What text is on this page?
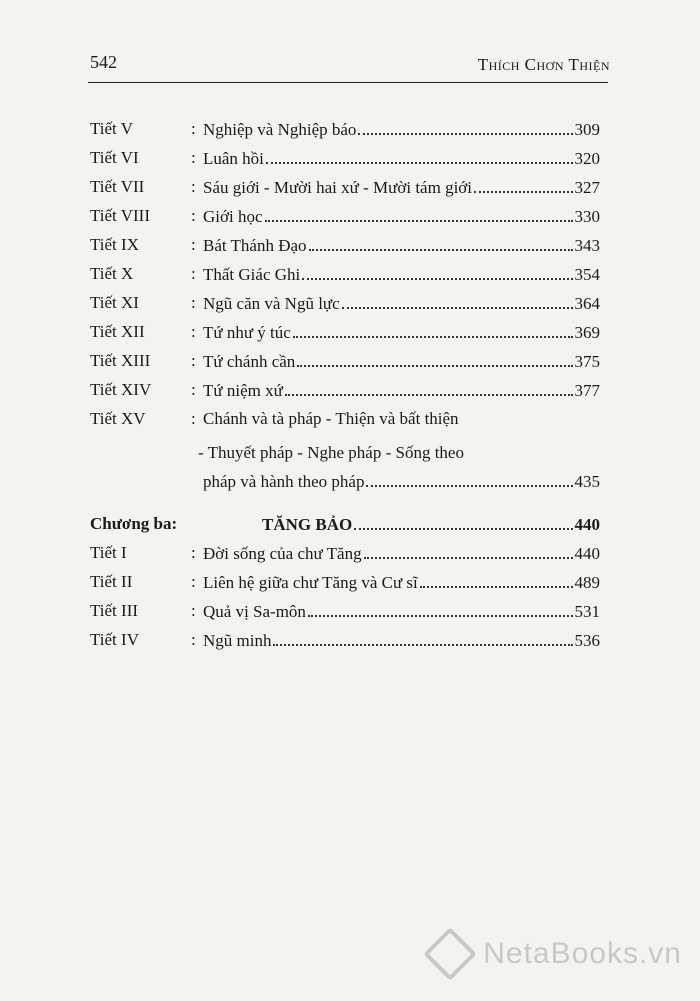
542	Thích Chơn Thiện
Tiết V	: Nghiệp và Nghiệp báo	309
Tiết VI	: Luân hồi	320
Tiết VII	: Sáu giới - Mười hai xứ - Mười tám giới	327
Tiết VIII : Giới học	330
Tiết IX	: Bát Thánh Đạo	343
Tiết X	: Thất Giác Ghi	354
Tiết XI	: Ngũ căn và Ngũ lực	364
Tiết XII	: Tứ như ý túc	369
Tiết XIII : Tứ chánh cần	375
Tiết XIV : Tứ niệm xứ	377
Tiết XV	: Chánh và tà pháp - Thiện và bất thiện
- Thuyết pháp - Nghe pháp - Sống theo
pháp và hành theo pháp	435
Chương ba:	TĂNG BẢO	440
Tiết I	: Đời sống của chư Tăng	440
Tiết II	: Liên hệ giữa chư Tăng và Cư sĩ	489
Tiết III	: Quả vị Sa-môn	531
Tiết IV	: Ngũ minh	536
NetaBooks.vn
